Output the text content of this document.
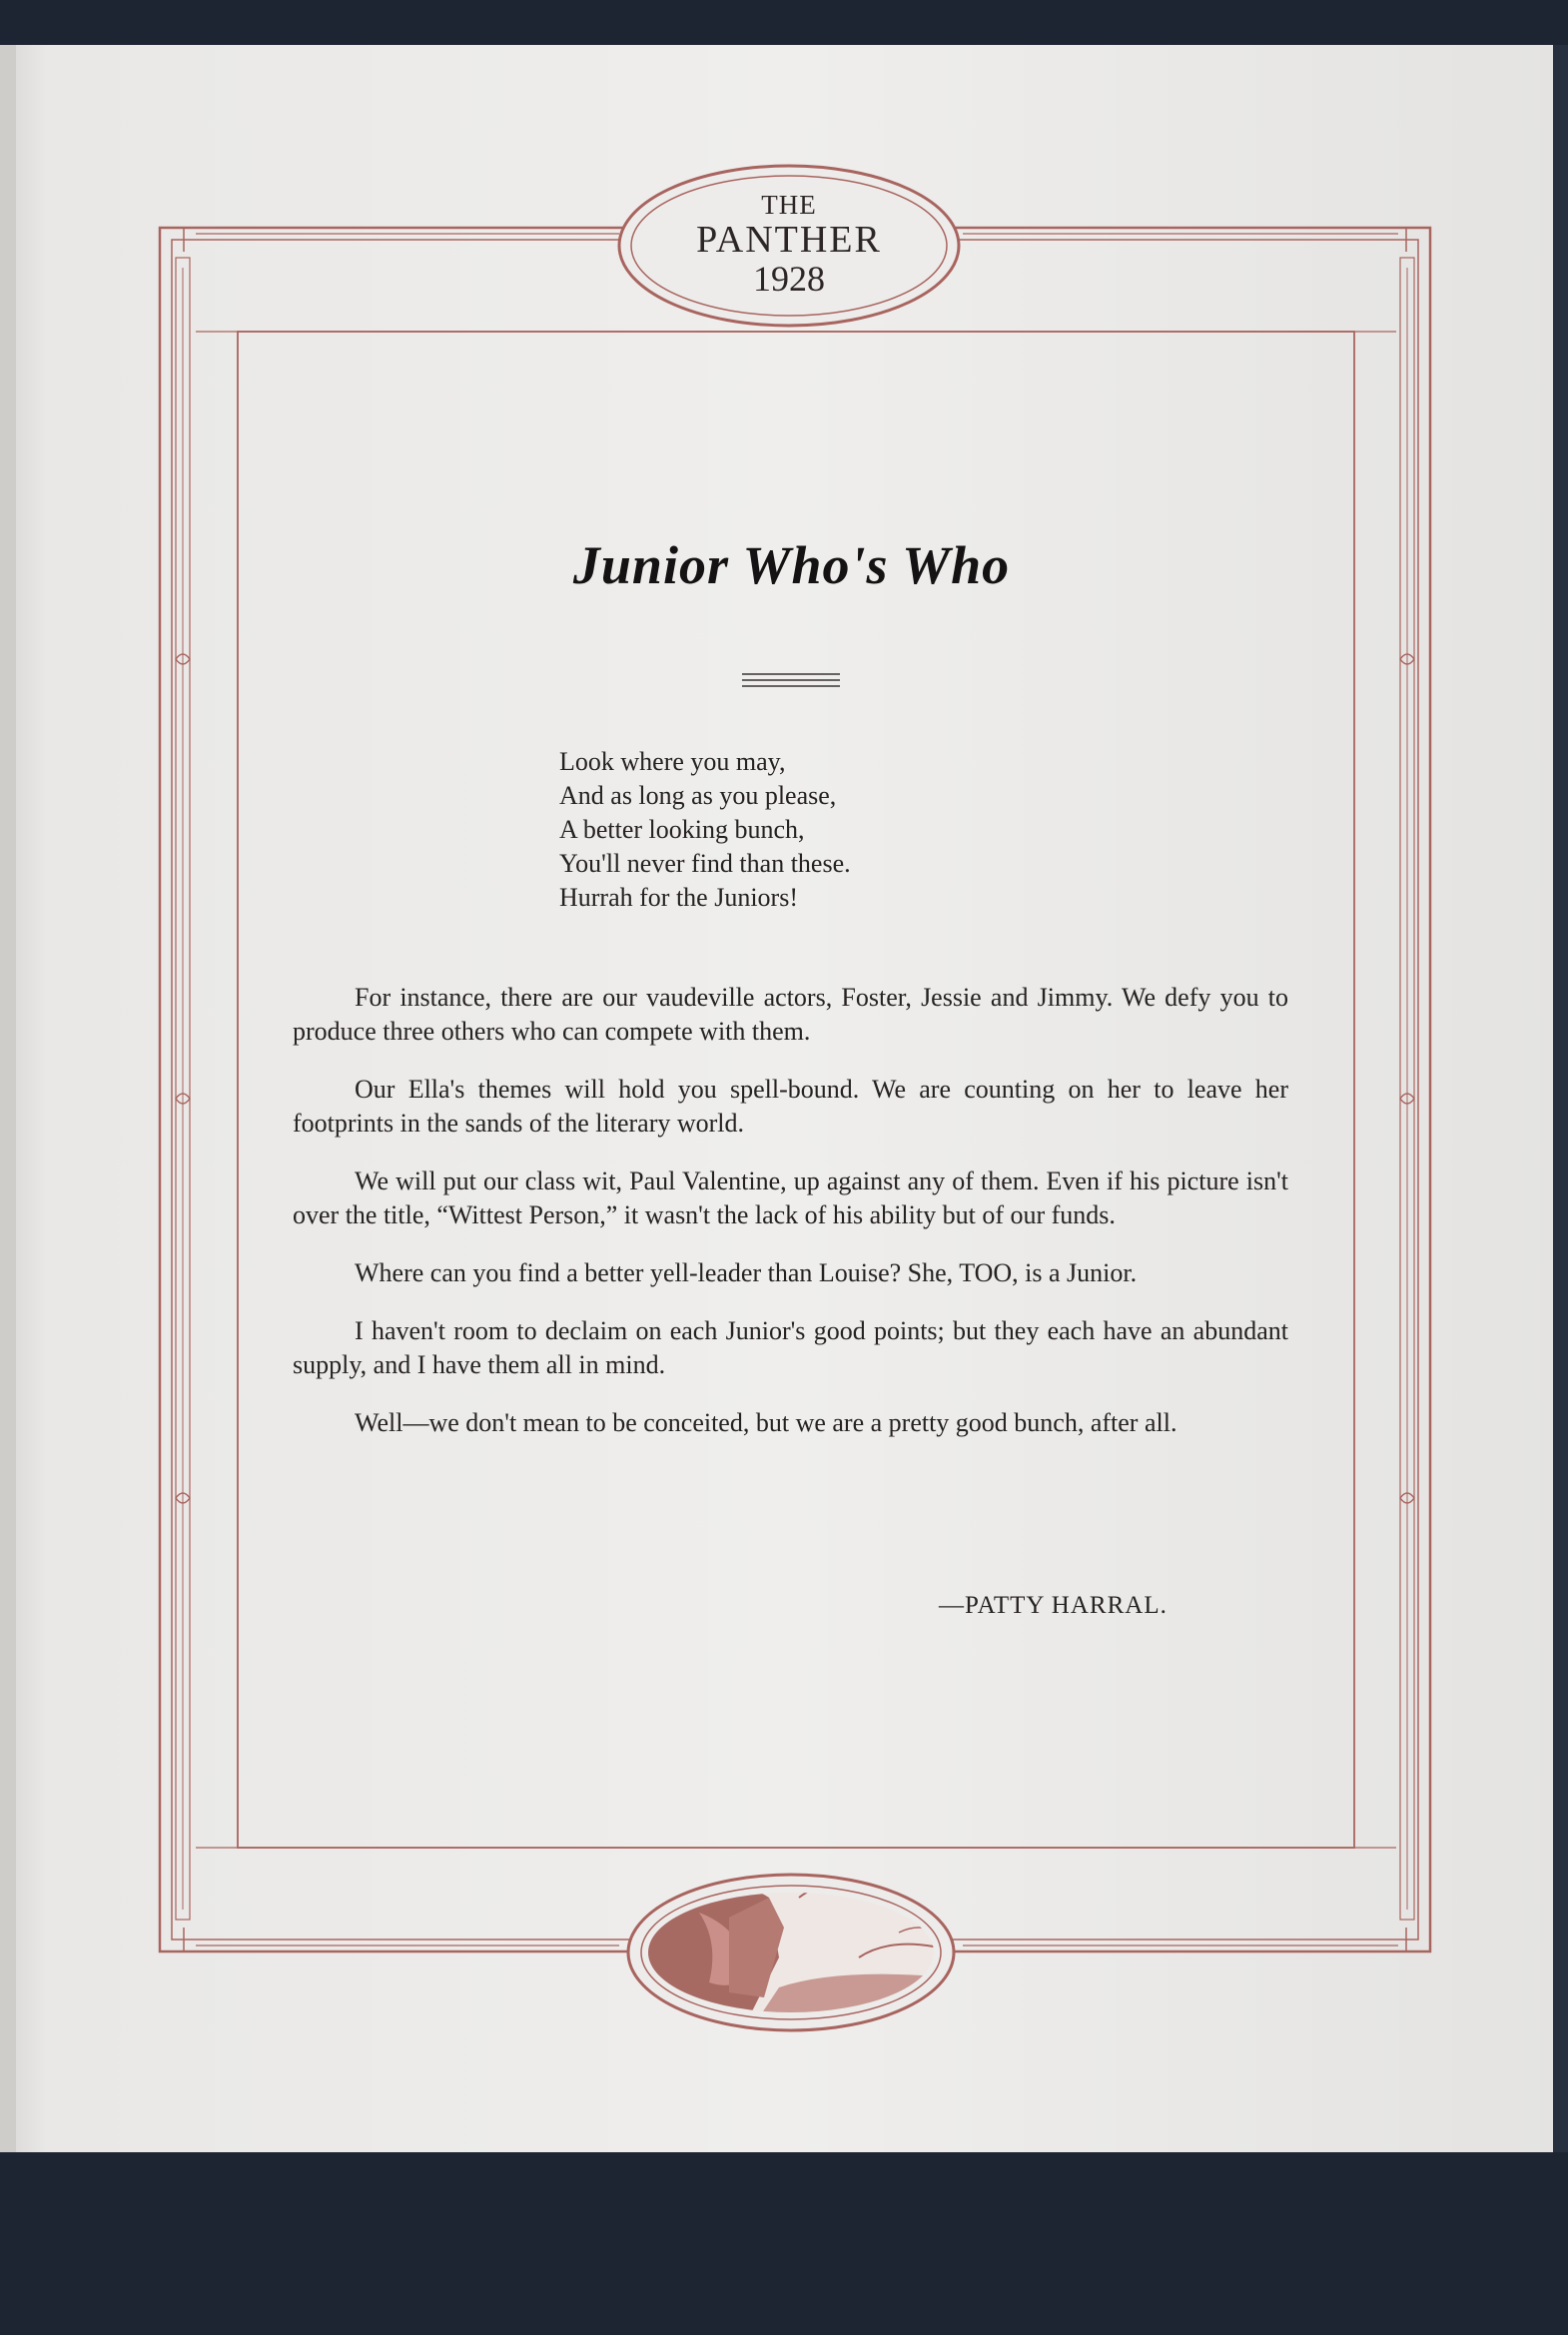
THE
PANTHER
1928
Junior Who's Who
Look where you may,
And as long as you please,
A better looking bunch,
You'll never find than these.
Hurrah for the Juniors!

For instance, there are our vaudeville actors, Foster, Jessie and Jimmy. We defy you to produce three others who can compete with them.

Our Ella's themes will hold you spell-bound. We are counting on her to leave her footprints in the sands of the literary world.

We will put our class wit, Paul Valentine, up against any of them. Even if his picture isn't over the title, “Wittest Person,” it wasn't the lack of his ability but of our funds.

Where can you find a better yell-leader than Louise? She, TOO, is a Junior.

I haven't room to declaim on each Junior's good points; but they each have an abundant supply, and I have them all in mind.

Well—we don't mean to be conceited, but we are a pretty good bunch, after all.

—PATTY HARRAL.
